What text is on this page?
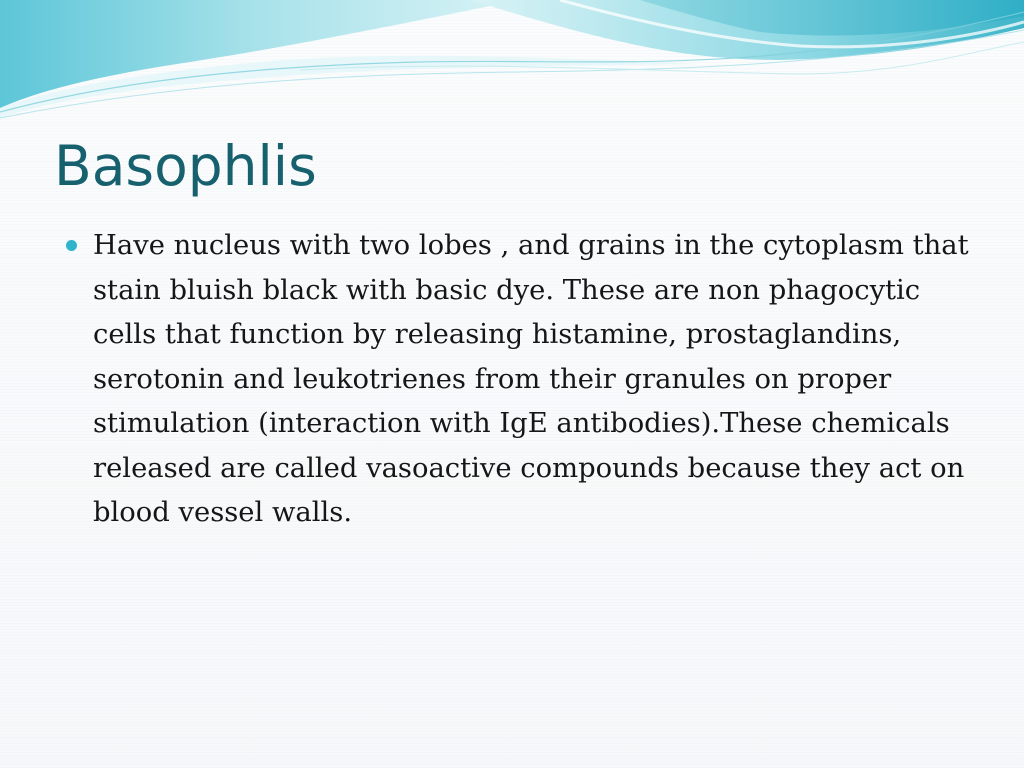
Basophlis

Have nucleus with two lobes , and grains in the cytoplasm that stain bluish black with basic dye. These are non phagocytic cells that function by releasing histamine, prostaglandins, serotonin and leukotrienes from their granules on proper stimulation (interaction with IgE antibodies).These chemicals released are called vasoactive compounds because they act on blood vessel walls.
